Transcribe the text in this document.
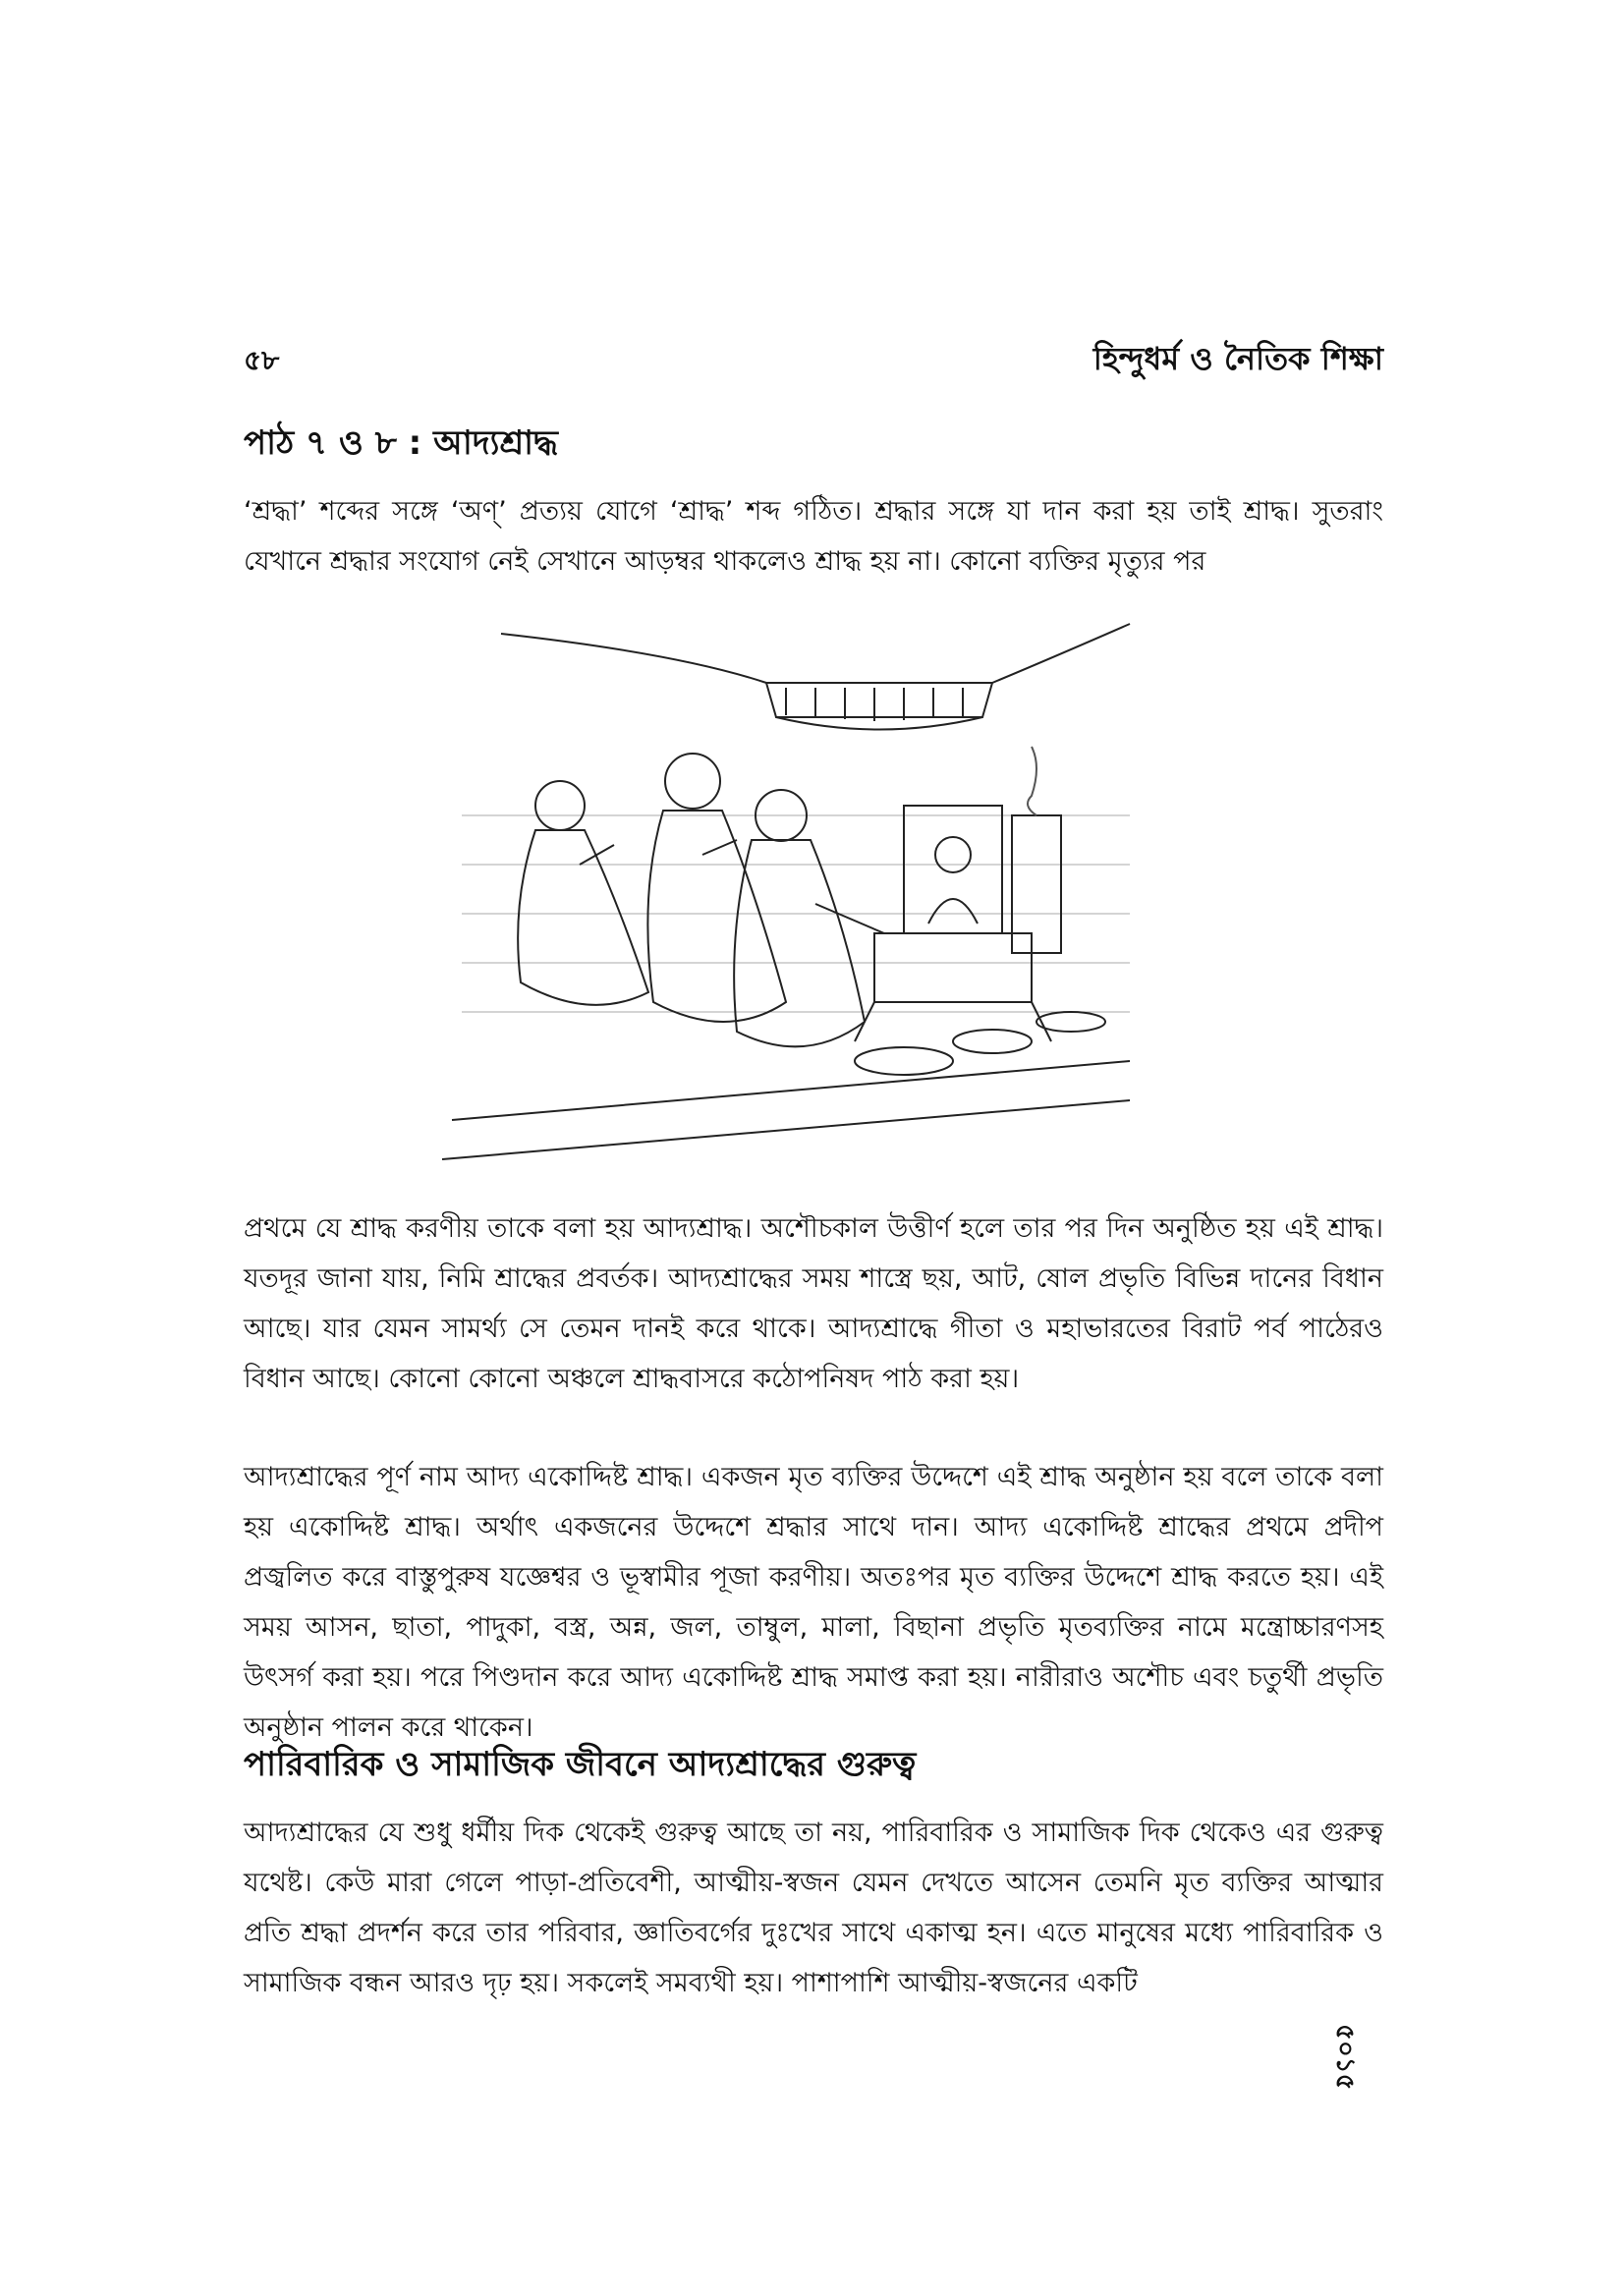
৫৮	হিন্দুধর্ম ও নৈতিক শিক্ষা
পাঠ ৭ ও ৮ : আদ্যশ্রাদ্ধ

‘শ্রদ্ধা’ শব্দের সঙ্গে ‘অণ্’ প্রত্যয় যোগে ‘শ্রাদ্ধ’ শব্দ গঠিত। শ্রদ্ধার সঙ্গে যা দান করা হয় তাই শ্রাদ্ধ। সুতরাং যেখানে শ্রদ্ধার সংযোগ নেই সেখানে আড়ম্বর থাকলেও শ্রাদ্ধ হয় না। কোনো ব্যক্তির মৃত্যুর পর

প্রথমে যে শ্রাদ্ধ করণীয় তাকে বলা হয় আদ্যশ্রাদ্ধ। অশৌচকাল উত্তীর্ণ হলে তার পর দিন অনুষ্ঠিত হয় এই শ্রাদ্ধ। যতদূর জানা যায়, নিমি শ্রাদ্ধের প্রবর্তক। আদ্যশ্রাদ্ধের সময় শাস্ত্রে ছয়, আট, ষোল প্রভৃতি বিভিন্ন দানের বিধান আছে। যার যেমন সামর্থ্য সে তেমন দানই করে থাকে। আদ্যশ্রাদ্ধে গীতা ও মহাভারতের বিরাট পর্ব পাঠেরও বিধান আছে। কোনো কোনো অঞ্চলে শ্রাদ্ধবাসরে কঠোপনিষদ পাঠ করা হয়।

আদ্যশ্রাদ্ধের পূর্ণ নাম আদ্য একোদ্দিষ্ট শ্রাদ্ধ। একজন মৃত ব্যক্তির উদ্দেশে এই শ্রাদ্ধ অনুষ্ঠান হয় বলে তাকে বলা হয় একোদ্দিষ্ট শ্রাদ্ধ। অর্থাৎ একজনের উদ্দেশে শ্রদ্ধার সাথে দান। আদ্য একোদ্দিষ্ট শ্রাদ্ধের প্রথমে প্রদীপ প্রজ্বলিত করে বাস্তুপুরুষ যজ্ঞেশ্বর ও ভূস্বামীর পূজা করণীয়। অতঃপর মৃত ব্যক্তির উদ্দেশে শ্রাদ্ধ করতে হয়। এই সময় আসন, ছাতা, পাদুকা, বস্ত্র, অন্ন, জল, তাম্বুল, মালা, বিছানা প্রভৃতি মৃতব্যক্তির নামে মন্ত্রোচ্চারণসহ উৎসর্গ করা হয়। পরে পিণ্ডদান করে আদ্য একোদ্দিষ্ট শ্রাদ্ধ সমাপ্ত করা হয়। নারীরাও অশৌচ এবং চতুর্থী প্রভৃতি অনুষ্ঠান পালন করে থাকেন।

পারিবারিক ও সামাজিক জীবনে আদ্যশ্রাদ্ধের গুরুত্ব

আদ্যশ্রাদ্ধের যে শুধু ধর্মীয় দিক থেকেই গুরুত্ব আছে তা নয়, পারিবারিক ও সামাজিক দিক থেকেও এর গুরুত্ব যথেষ্ট। কেউ মারা গেলে পাড়া-প্রতিবেশী, আত্মীয়-স্বজন যেমন দেখতে আসেন তেমনি মৃত ব্যক্তির আত্মার প্রতি শ্রদ্ধা প্রদর্শন করে তার পরিবার, জ্ঞাতিবর্গের দুঃখের সাথে একাত্ম হন। এতে মানুষের মধ্যে পারিবারিক ও সামাজিক বন্ধন আরও দৃঢ় হয়। সকলেই সমব্যথী হয়। পাশাপাশি আত্মীয়-স্বজনের একটি

৫০১৫
